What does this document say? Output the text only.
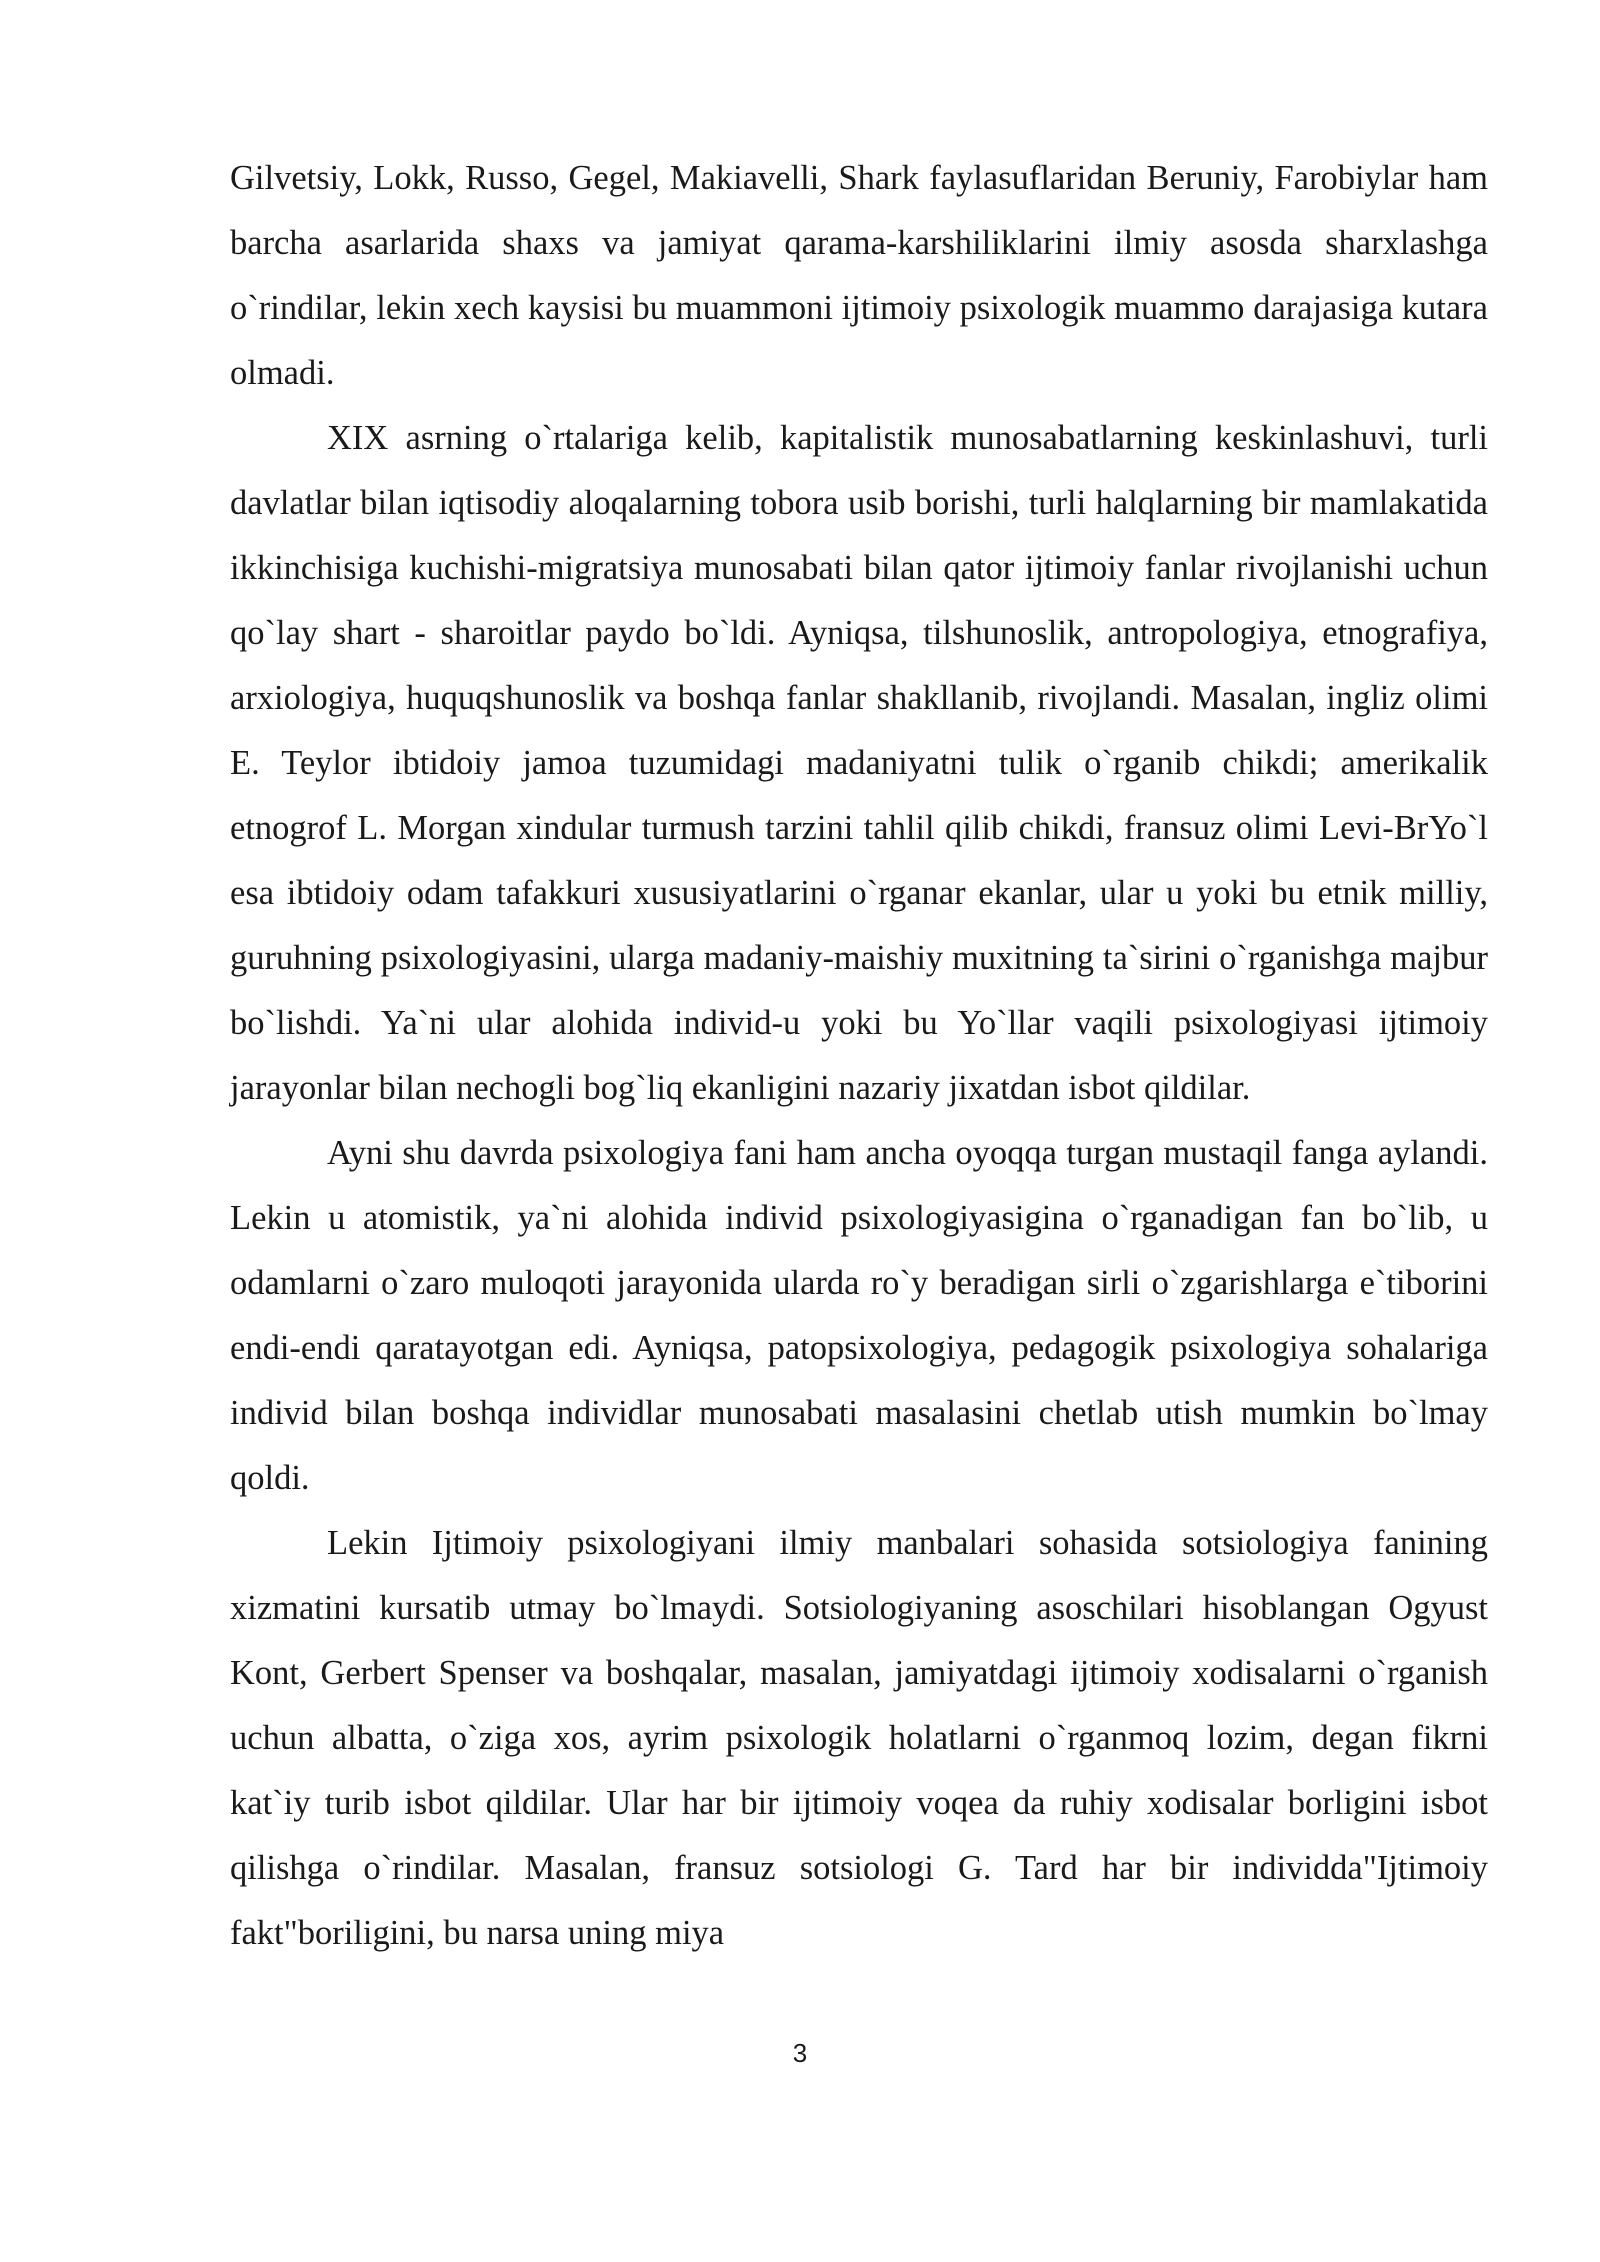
Gilvetsiy, Lokk, Russo, Gegel, Makiavelli, Shark faylasuflaridan Beruniy, Farobiylar ham barcha asarlarida shaxs va jamiyat qarama-karshiliklarini ilmiy asosda sharxlashga o`rindilar, lekin xech kaysisi bu muammoni ijtimoiy psixologik muammo darajasiga kutara olmadi.

XIX asrning o`rtalariga kelib, kapitalistik munosabatlarning keskinlashuvi, turli davlatlar bilan iqtisodiy aloqalarning tobora usib borishi, turli halqlarning bir mamlakatida ikkinchisiga kuchishi-migratsiya munosabati bilan qator ijtimoiy fanlar rivojlanishi uchun qo`lay shart - sharoitlar paydo bo`ldi. Ayniqsa, tilshunoslik, antropologiya, etnografiya, arxiologiya, huquqshunoslik va boshqa fanlar shakllanib, rivojlandi. Masalan, ingliz olimi E. Teylor ibtidoiy jamoa tuzumidagi madaniyatni tulik o`rganib chikdi; amerikalik etnogrof L. Morgan xindular turmush tarzini tahlil qilib chikdi, fransuz olimi Levi-BrYo`l esa ibtidoiy odam tafakkuri xususiyatlarini o`rganar ekanlar, ular u yoki bu etnik milliy, guruhning psixologiyasini, ularga madaniy-maishiy muxitning ta`sirini o`rganishga majbur bo`lishdi. Ya`ni ular alohida individ-u yoki bu Yo`llar vaqili psixologiyasi ijtimoiy jarayonlar bilan nechogli bog`liq ekanligini nazariy jixatdan isbot qildilar.

Ayni shu davrda psixologiya fani ham ancha oyoqqa turgan mustaqil fanga aylandi. Lekin u atomistik, ya`ni alohida individ psixologiyasigina o`rganadigan fan bo`lib, u odamlarni o`zaro muloqoti jarayonida ularda ro`y beradigan sirli o`zgarishlarga e`tiborini endi-endi qaratayotgan edi. Ayniqsa, patopsixologiya, pedagogik psixologiya sohalariga individ bilan boshqa individlar munosabati masalasini chetlab utish mumkin bo`lmay qoldi.

Lekin Ijtimoiy psixologiyani ilmiy manbalari sohasida sotsiologiya fanining xizmatini kursatib utmay bo`lmaydi. Sotsiologiyaning asoschilari hisoblangan Ogyust Kont, Gerbert Spenser va boshqalar, masalan, jamiyatdagi ijtimoiy xodisalarni o`rganish uchun albatta, o`ziga xos, ayrim psixologik holatlarni o`rganmoq lozim, degan fikrni kat`iy turib isbot qildilar. Ular har bir ijtimoiy voqea da ruhiy xodisalar borligini isbot qilishga o`rindilar. Masalan, fransuz sotsiologi G. Tard har bir individda"Ijtimoiy fakt"boriligini, bu narsa uning miya

3
